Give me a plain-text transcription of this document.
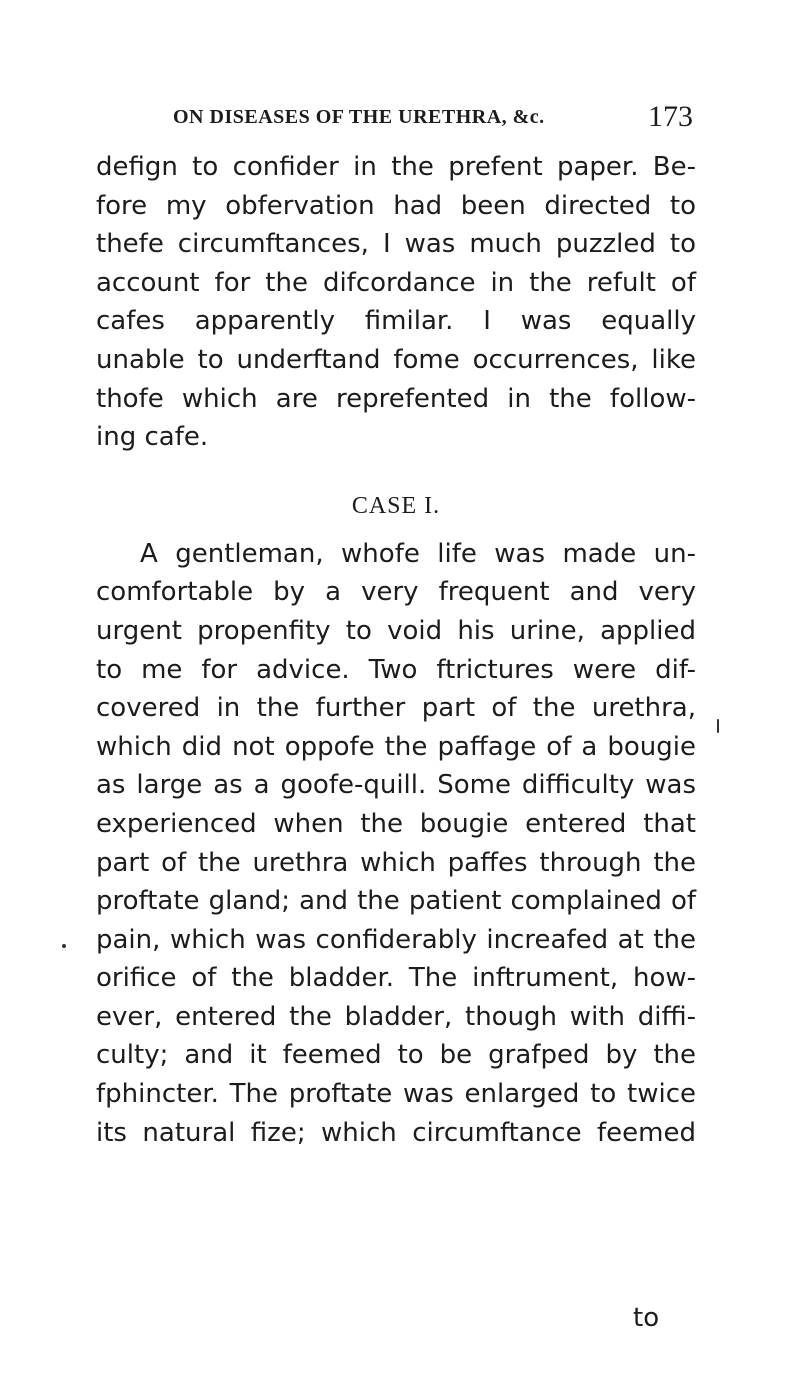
ON DISEASES OF THE URETHRA, &c.	173
defign to confider in the prefent paper. Be-
fore my obfervation had been directed to
thefe circumftances, I was much puzzled to
account for the difcordance in the refult of
cafes apparently fimilar. I was equally
unable to underftand fome occurrences, like
thofe which are reprefented in the follow-
ing cafe.
CASE I.
A gentleman, whofe life was made un-
comfortable by a very frequent and very
urgent propenfity to void his urine, applied
to me for advice. Two ftrictures were dif-
covered in the further part of the urethra,
which did not oppofe the paffage of a bougie
as large as a goofe-quill. Some difficulty was
experienced when the bougie entered that
part of the urethra which paffes through the
proftate gland; and the patient complained of
pain, which was confiderably increafed at the
orifice of the bladder. The inftrument, how-
ever, entered the bladder, though with diffi-
culty; and it feemed to be grafped by the
fphincter. The proftate was enlarged to twice
its natural fize; which circumftance feemed
to
